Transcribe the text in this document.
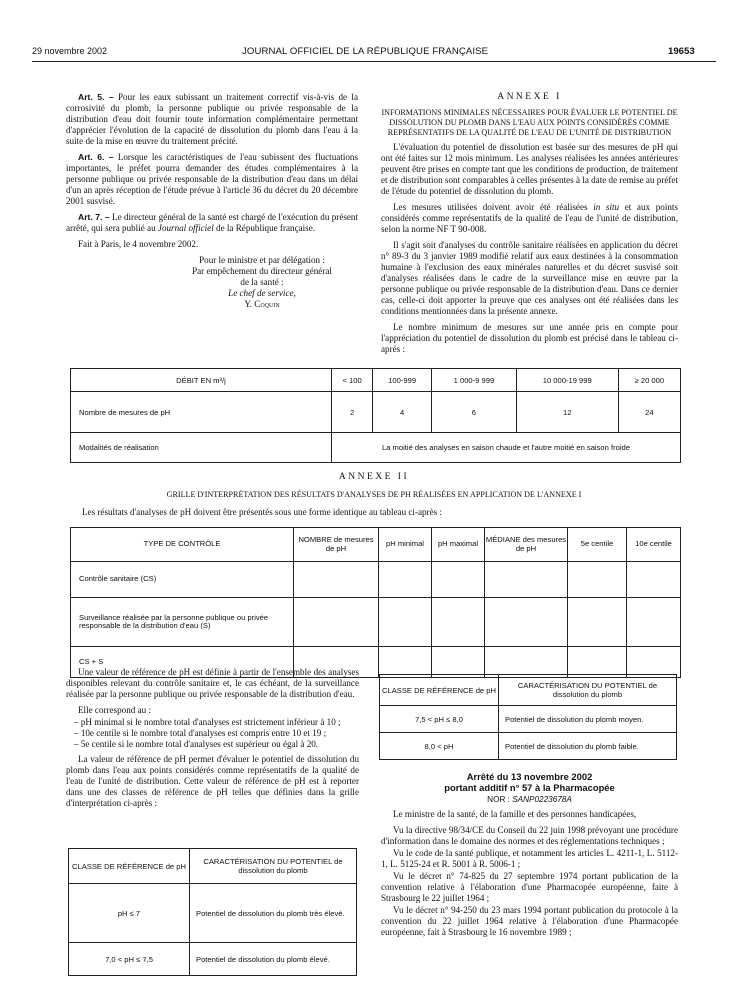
29 novembre 2002	JOURNAL OFFICIEL DE LA RÉPUBLIQUE FRANÇAISE	19653

Art. 5. – Pour les eaux subissant un traitement correctif vis-à-vis de la corrosivité du plomb, la personne publique ou privée responsable de la distribution d'eau doit fournir toute information complémentaire permettant d'apprécier l'évolution de la capacité de dissolution du plomb dans l'eau à la suite de la mise en œuvre du traitement précité.

Art. 6. – Lorsque les caractéristiques de l'eau subissent des fluctuations importantes, le préfet pourra demander des études complémentaires à la personne publique ou privée responsable de la distribution d'eau dans un délai d'un an après réception de l'étude prévue à l'article 36 du décret du 20 décembre 2001 susvisé.

Art. 7. – Le directeur général de la santé est chargé de l'exécution du présent arrêté, qui sera publié au Journal officiel de la République française.

Fait à Paris, le 4 novembre 2002.

Pour le ministre et par délégation :
Par empêchement du directeur général
de la santé :
Le chef de service,
Y. Coquin
ANNEXE I
INFORMATIONS MINIMALES NÉCESSAIRES POUR ÉVALUER LE POTENTIEL DE DISSOLUTION DU PLOMB DANS L'EAU AUX POINTS CONSIDÉRÉS COMME REPRÉSENTATIFS DE LA QUALITÉ DE L'EAU DE L'UNITÉ DE DISTRIBUTION

L'évaluation du potentiel de dissolution est basée sur des mesures de pH qui ont été faites sur 12 mois minimum. Les analyses réalisées les années antérieures peuvent être prises en compte tant que les conditions de production, de traitement et de distribution sont comparables à celles présentes à la date de remise au préfet de l'étude du potentiel de dissolution du plomb.

Les mesures utilisées doivent avoir été réalisées in situ et aux points considérés comme représentatifs de la qualité de l'eau de l'unité de distribution, selon la norme NF T 90-008.

Il s'agit soit d'analyses du contrôle sanitaire réalisées en application du décret n° 89-3 du 3 janvier 1989 modifié relatif aux eaux destinées à la consommation humaine à l'exclusion des eaux minérales naturelles et du décret susvisé soit d'analyses réalisées dans le cadre de la surveillance mise en œuvre par la personne publique ou privée responsable de la distribution d'eau. Dans ce dernier cas, celle-ci doit apporter la preuve que ces analyses ont été réalisées dans les conditions mentionnées dans la présente annexe.

Le nombre minimum de mesures sur une année pris en compte pour l'appréciation du potentiel de dissolution du plomb est précisé dans le tableau ci-après :

DÉBIT EN m³/j	< 100	100-999	1 000-9 999	10 000-19 999	≥ 20 000
Nombre de mesures de pH	2	4	6	12	24
Modalités de réalisation	La moitié des analyses en saison chaude et l'autre moitié en saison froide				
ANNEXE II
GRILLE D'INTERPRÉTATION DES RÉSULTATS D'ANALYSES DE PH RÉALISÉES EN APPLICATION DE L'ANNEXE I
Les résultats d'analyses de pH doivent être présentés sous une forme identique au tableau ci-après :
TYPE DE CONTRÔLE	NOMBRE de mesures de pH	pH minimal	pH maximal	MÉDIANE des mesures de pH	5e centile	10e centile
Contrôle sanitaire (CS)						
Surveillance réalisée par la personne publique ou privée responsable de la distribution d'eau (S)						
CS + S						

Une valeur de référence de pH est définie à partir de l'ensemble des analyses disponibles relevant du contrôle sanitaire et, le cas échéant, de la surveillance réalisée par la personne publique ou privée responsable de la distribution d'eau.

Elle correspond au :

– pH minimal si le nombre total d'analyses est strictement inférieur à 10 ;
– 10e centile si le nombre total d'analyses est compris entre 10 et 19 ;
– 5e centile si le nombre total d'analyses est supérieur ou égal à 20.

La valeur de référence de pH permet d'évaluer le potentiel de dissolution du plomb dans l'eau aux points considérés comme représentatifs de la qualité de l'eau de l'unité de distribution. Cette valeur de référence de pH est à reporter dans une des classes de référence de pH telles que définies dans la grille d'interprétation ci-après :

CLASSE DE RÉFÉRENCE de pH	CARACTÉRISATION DU POTENTIEL de dissolution du plomb
pH ≤ 7	Potentiel de dissolution du plomb très élevé.
7,0 < pH ≤ 7,5	Potentiel de dissolution du plomb élevé.
CLASSE DE RÉFÉRENCE de pH	CARACTÉRISATION DU POTENTIEL de dissolution du plomb
7,5 < pH ≤ 8,0	Potentiel de dissolution du plomb moyen.
8,0 < pH	Potentiel de dissolution du plomb faible.
Arrêté du 13 novembre 2002
portant additif n° 57 à la Pharmacopée
NOR : SANP0223678A

Le ministre de la santé, de la famille et des personnes handicapées,

Vu la directive 98/34/CE du Conseil du 22 juin 1998 prévoyant une procédure d'information dans le domaine des normes et des réglementations techniques ;

Vu le code de la santé publique, et notamment les articles L. 4211-1, L. 5112-1, L. 5125-24 et R. 5001 à R. 5006-1 ;

Vu le décret n° 74-825 du 27 septembre 1974 portant publication de la convention relative à l'élaboration d'une Pharmacopée européenne, faite à Strasbourg le 22 juillet 1964 ;

Vu le décret n° 94-250 du 23 mars 1994 portant publication du protocole à la convention du 22 juillet 1964 relative à l'élaboration d'une Pharmacopée européenne, fait à Strasbourg le 16 novembre 1989 ;
